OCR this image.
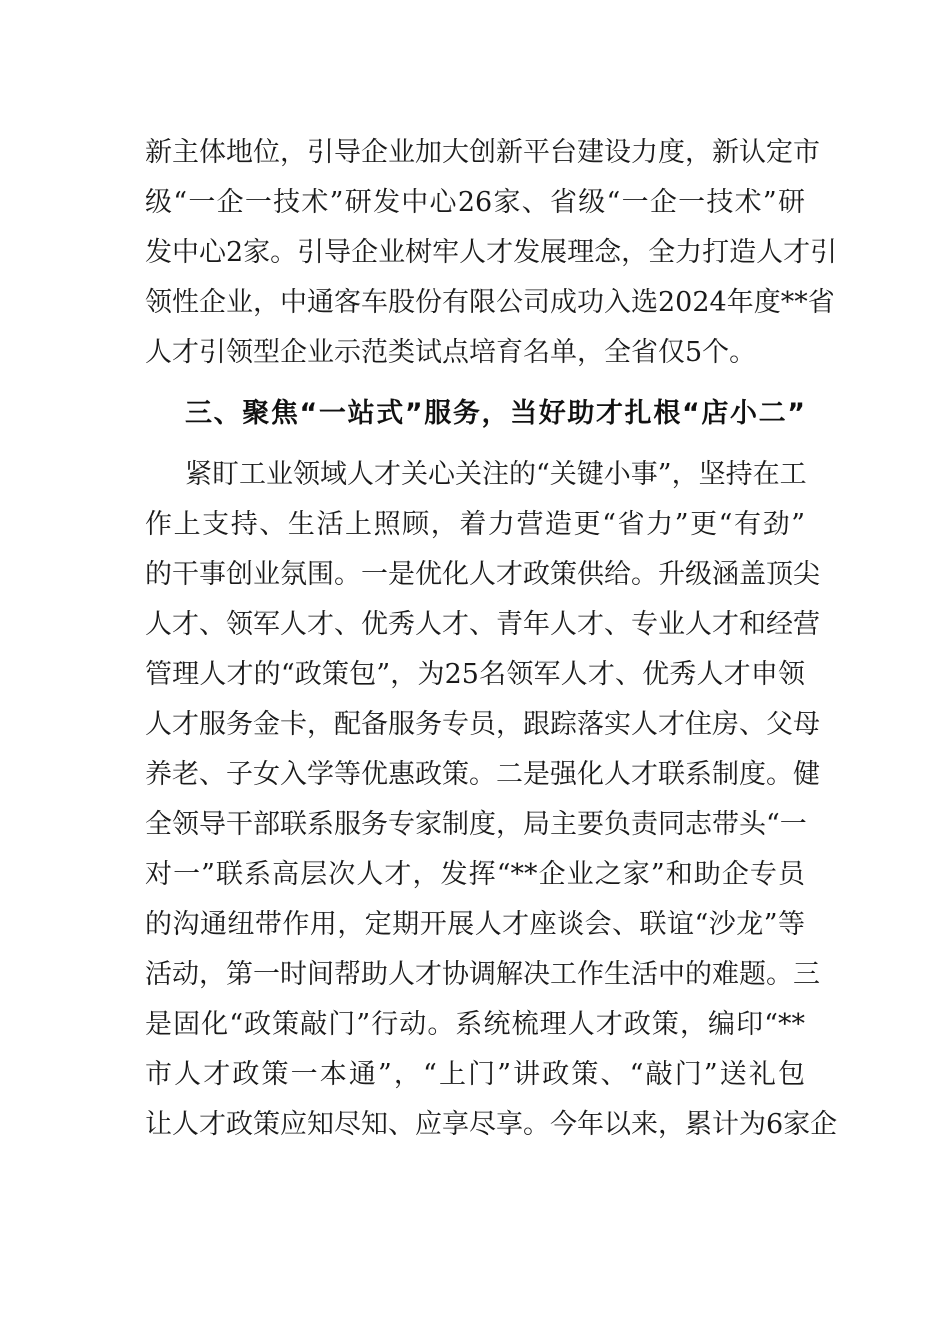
新主体地位，引导企业加大创新平台建设力度，新认定市
级“一企一技术”研发中心26家、省级“一企一技术”研
发中心2家。引导企业树牢人才发展理念，全力打造人才引
领性企业，中通客车股份有限公司成功入选2024年度**省
人才引领型企业示范类试点培育名单，全省仅5个。
三、聚焦“一站式”服务，当好助才扎根“店小二”
紧盯工业领域人才关心关注的“关键小事”，坚持在工
作上支持、生活上照顾，着力营造更“省力”更“有劲”
的干事创业氛围。一是优化人才政策供给。升级涵盖顶尖
人才、领军人才、优秀人才、青年人才、专业人才和经营
管理人才的“政策包”，为25名领军人才、优秀人才申领
人才服务金卡，配备服务专员，跟踪落实人才住房、父母
养老、子女入学等优惠政策。二是强化人才联系制度。健
全领导干部联系服务专家制度，局主要负责同志带头“一
对一”联系高层次人才，发挥“**企业之家”和助企专员
的沟通纽带作用，定期开展人才座谈会、联谊“沙龙”等
活动，第一时间帮助人才协调解决工作生活中的难题。三
是固化“政策敲门”行动。系统梳理人才政策，编印“**
市人才政策一本通”，“上门”讲政策、“敲门”送礼包
让人才政策应知尽知、应享尽享。今年以来，累计为6家企
